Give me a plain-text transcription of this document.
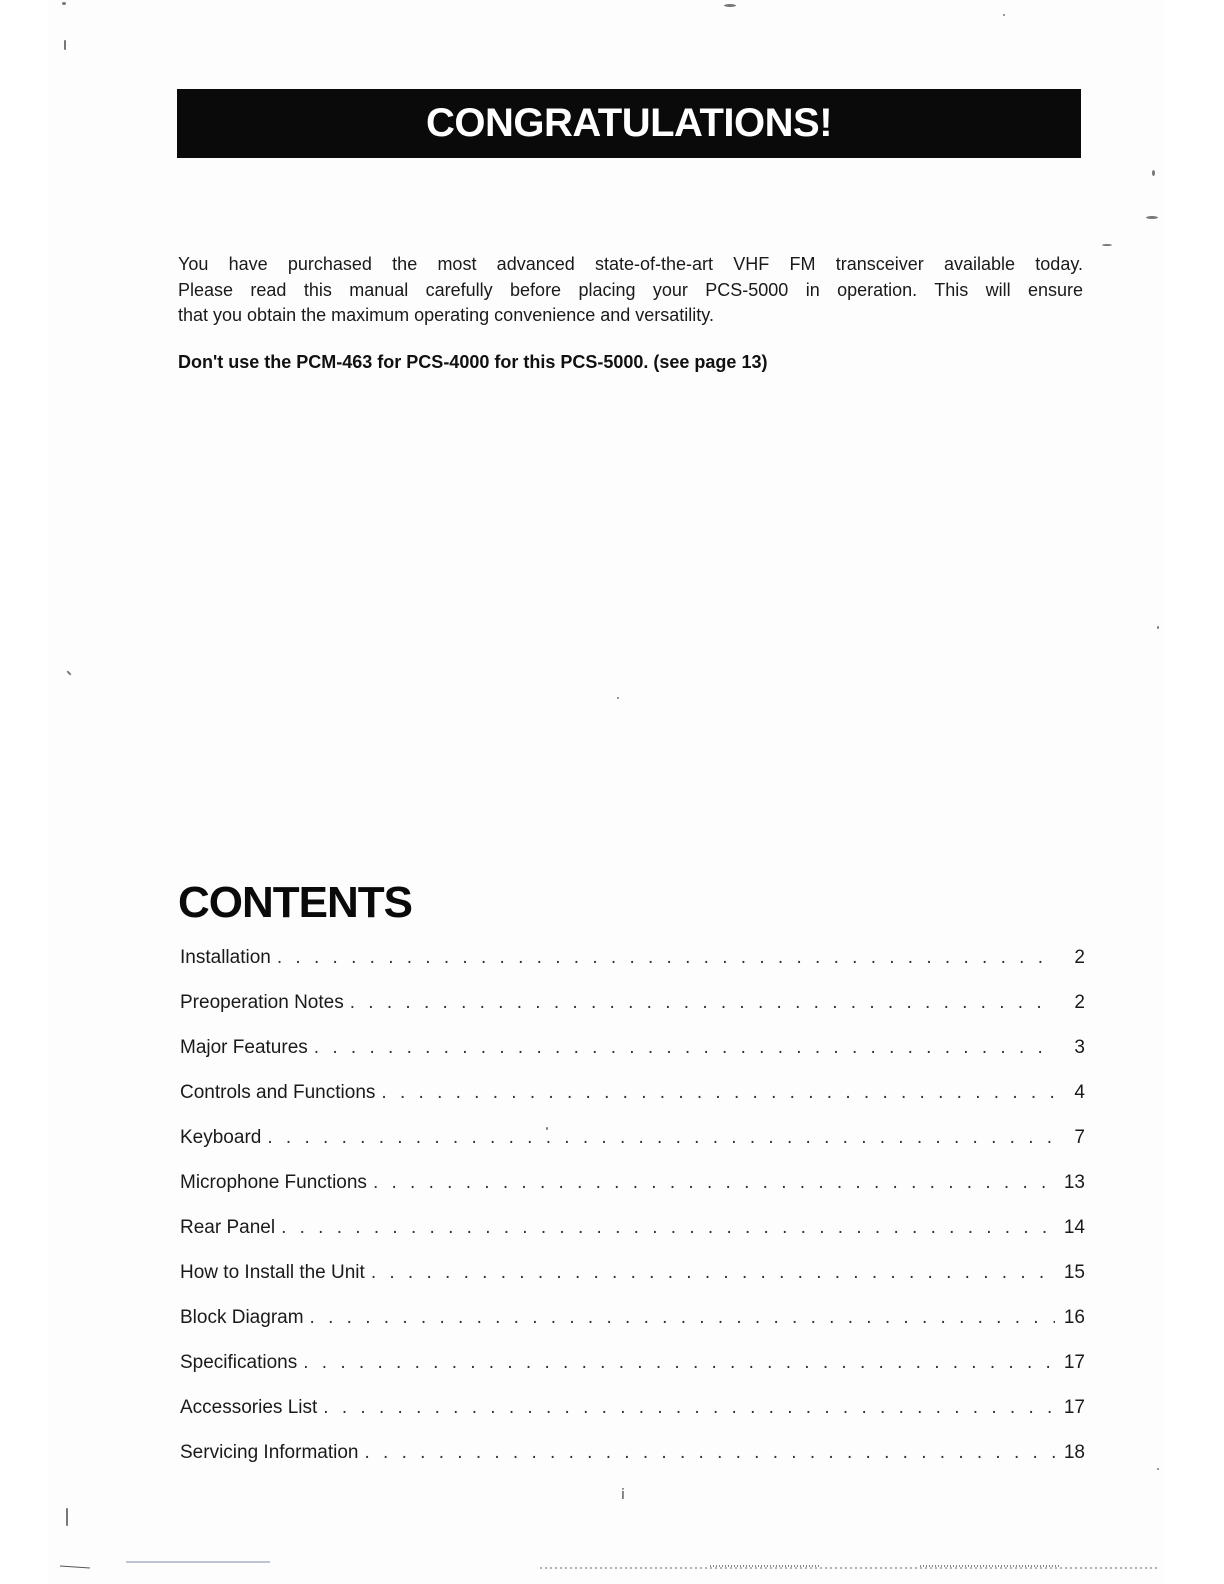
CONGRATULATIONS!

You have purchased the most advanced state-of-the-art VHF FM transceiver available today.
Please read this manual carefully before placing your PCS-5000 in operation. This will ensure
that you obtain the maximum operating convenience and versatility.

Don't use the PCM-463 for PCS-4000 for this PCS-5000. (see page 13)

CONTENTS
Installation . . .	2
Preoperation Notes . . .	2
Major Features . . .	3
Controls and Functions . . .	4
Keyboard . . .	7
Microphone Functions . . .	13
Rear Panel . . .	14
How to Install the Unit . . .	15
Block Diagram . . .	16
Specifications . . .	17
Accessories List . . .	17
Servicing Information . . .	18
ⅰ
